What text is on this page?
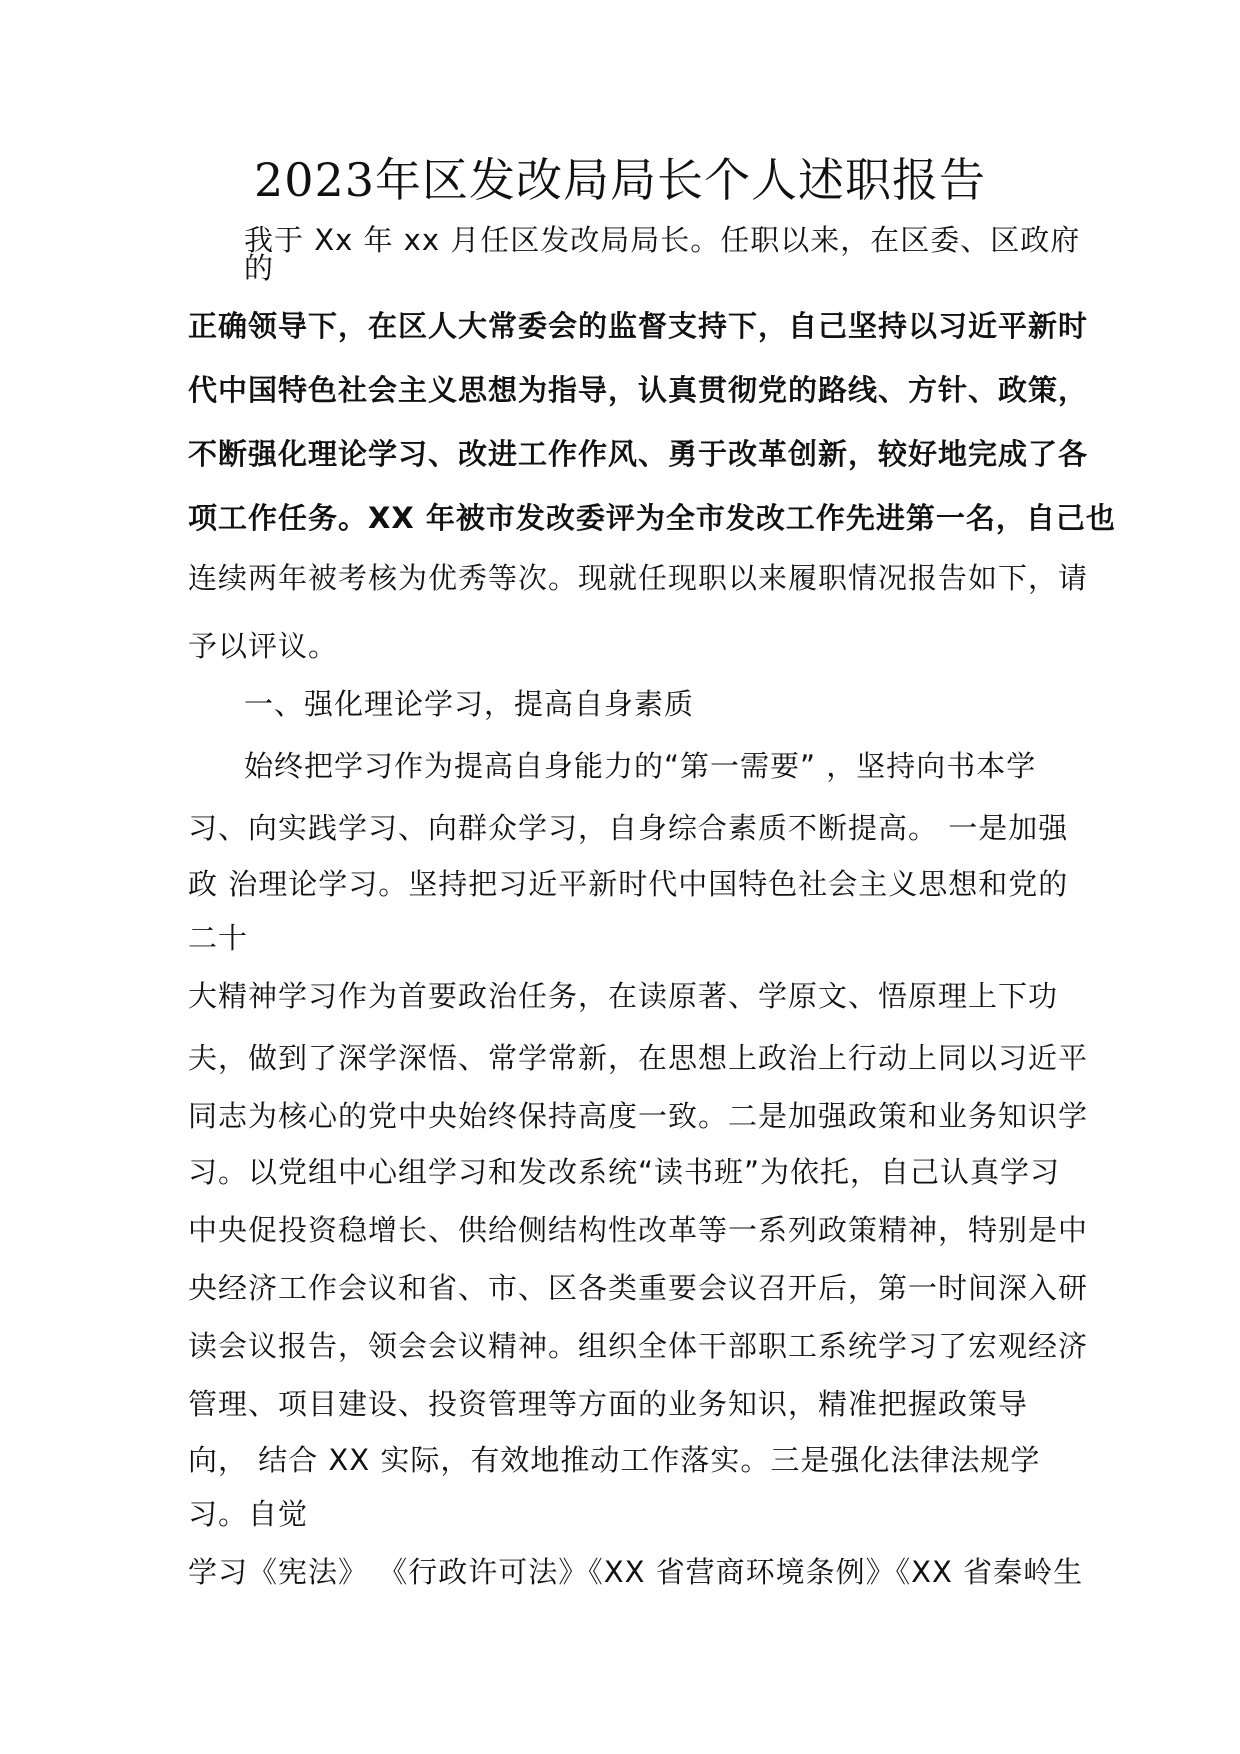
2023年区发改局局长个人述职报告
我于 Xx 年 xx 月任区发改局局长。任职以来，在区委、区政府
的
正确领导下，在区人大常委会的监督支持下，自己坚持以习近平新时
代中国特色社会主义思想为指导，认真贯彻党的路线、方针、政策，
不断强化理论学习、改进工作作风、勇于改革创新，较好地完成了各
项工作任务。XX 年被市发改委评为全市发改工作先进第一名，自己也
连续两年被考核为优秀等次。现就任现职以来履职情况报告如下，请
予以评议。
一、强化理论学习，提高自身素质
始终把学习作为提高自身能力的“第一需要” ，坚持向书本学
习、向实践学习、向群众学习，自身综合素质不断提高。 一是加强
政 治理论学习。坚持把习近平新时代中国特色社会主义思想和党的
二十
大精神学习作为首要政治任务，在读原著、学原文、悟原理上下功
夫，做到了深学深悟、常学常新，在思想上政治上行动上同以习近平
同志为核心的党中央始终保持高度一致。二是加强政策和业务知识学
习。以党组中心组学习和发改系统“读书班”为依托，自己认真学习
中央促投资稳增长、供给侧结构性改革等一系列政策精神，特别是中
央经济工作会议和省、市、区各类重要会议召开后，第一时间深入研
读会议报告，领会会议精神。组织全体干部职工系统学习了宏观经济
管理、项目建设、投资管理等方面的业务知识，精准把握政策导
向， 结合 XX 实际，有效地推动工作落实。三是强化法律法规学
习。自觉
学习《宪法》 《行政许可法》《XX 省营商环境条例》《XX 省秦岭生
